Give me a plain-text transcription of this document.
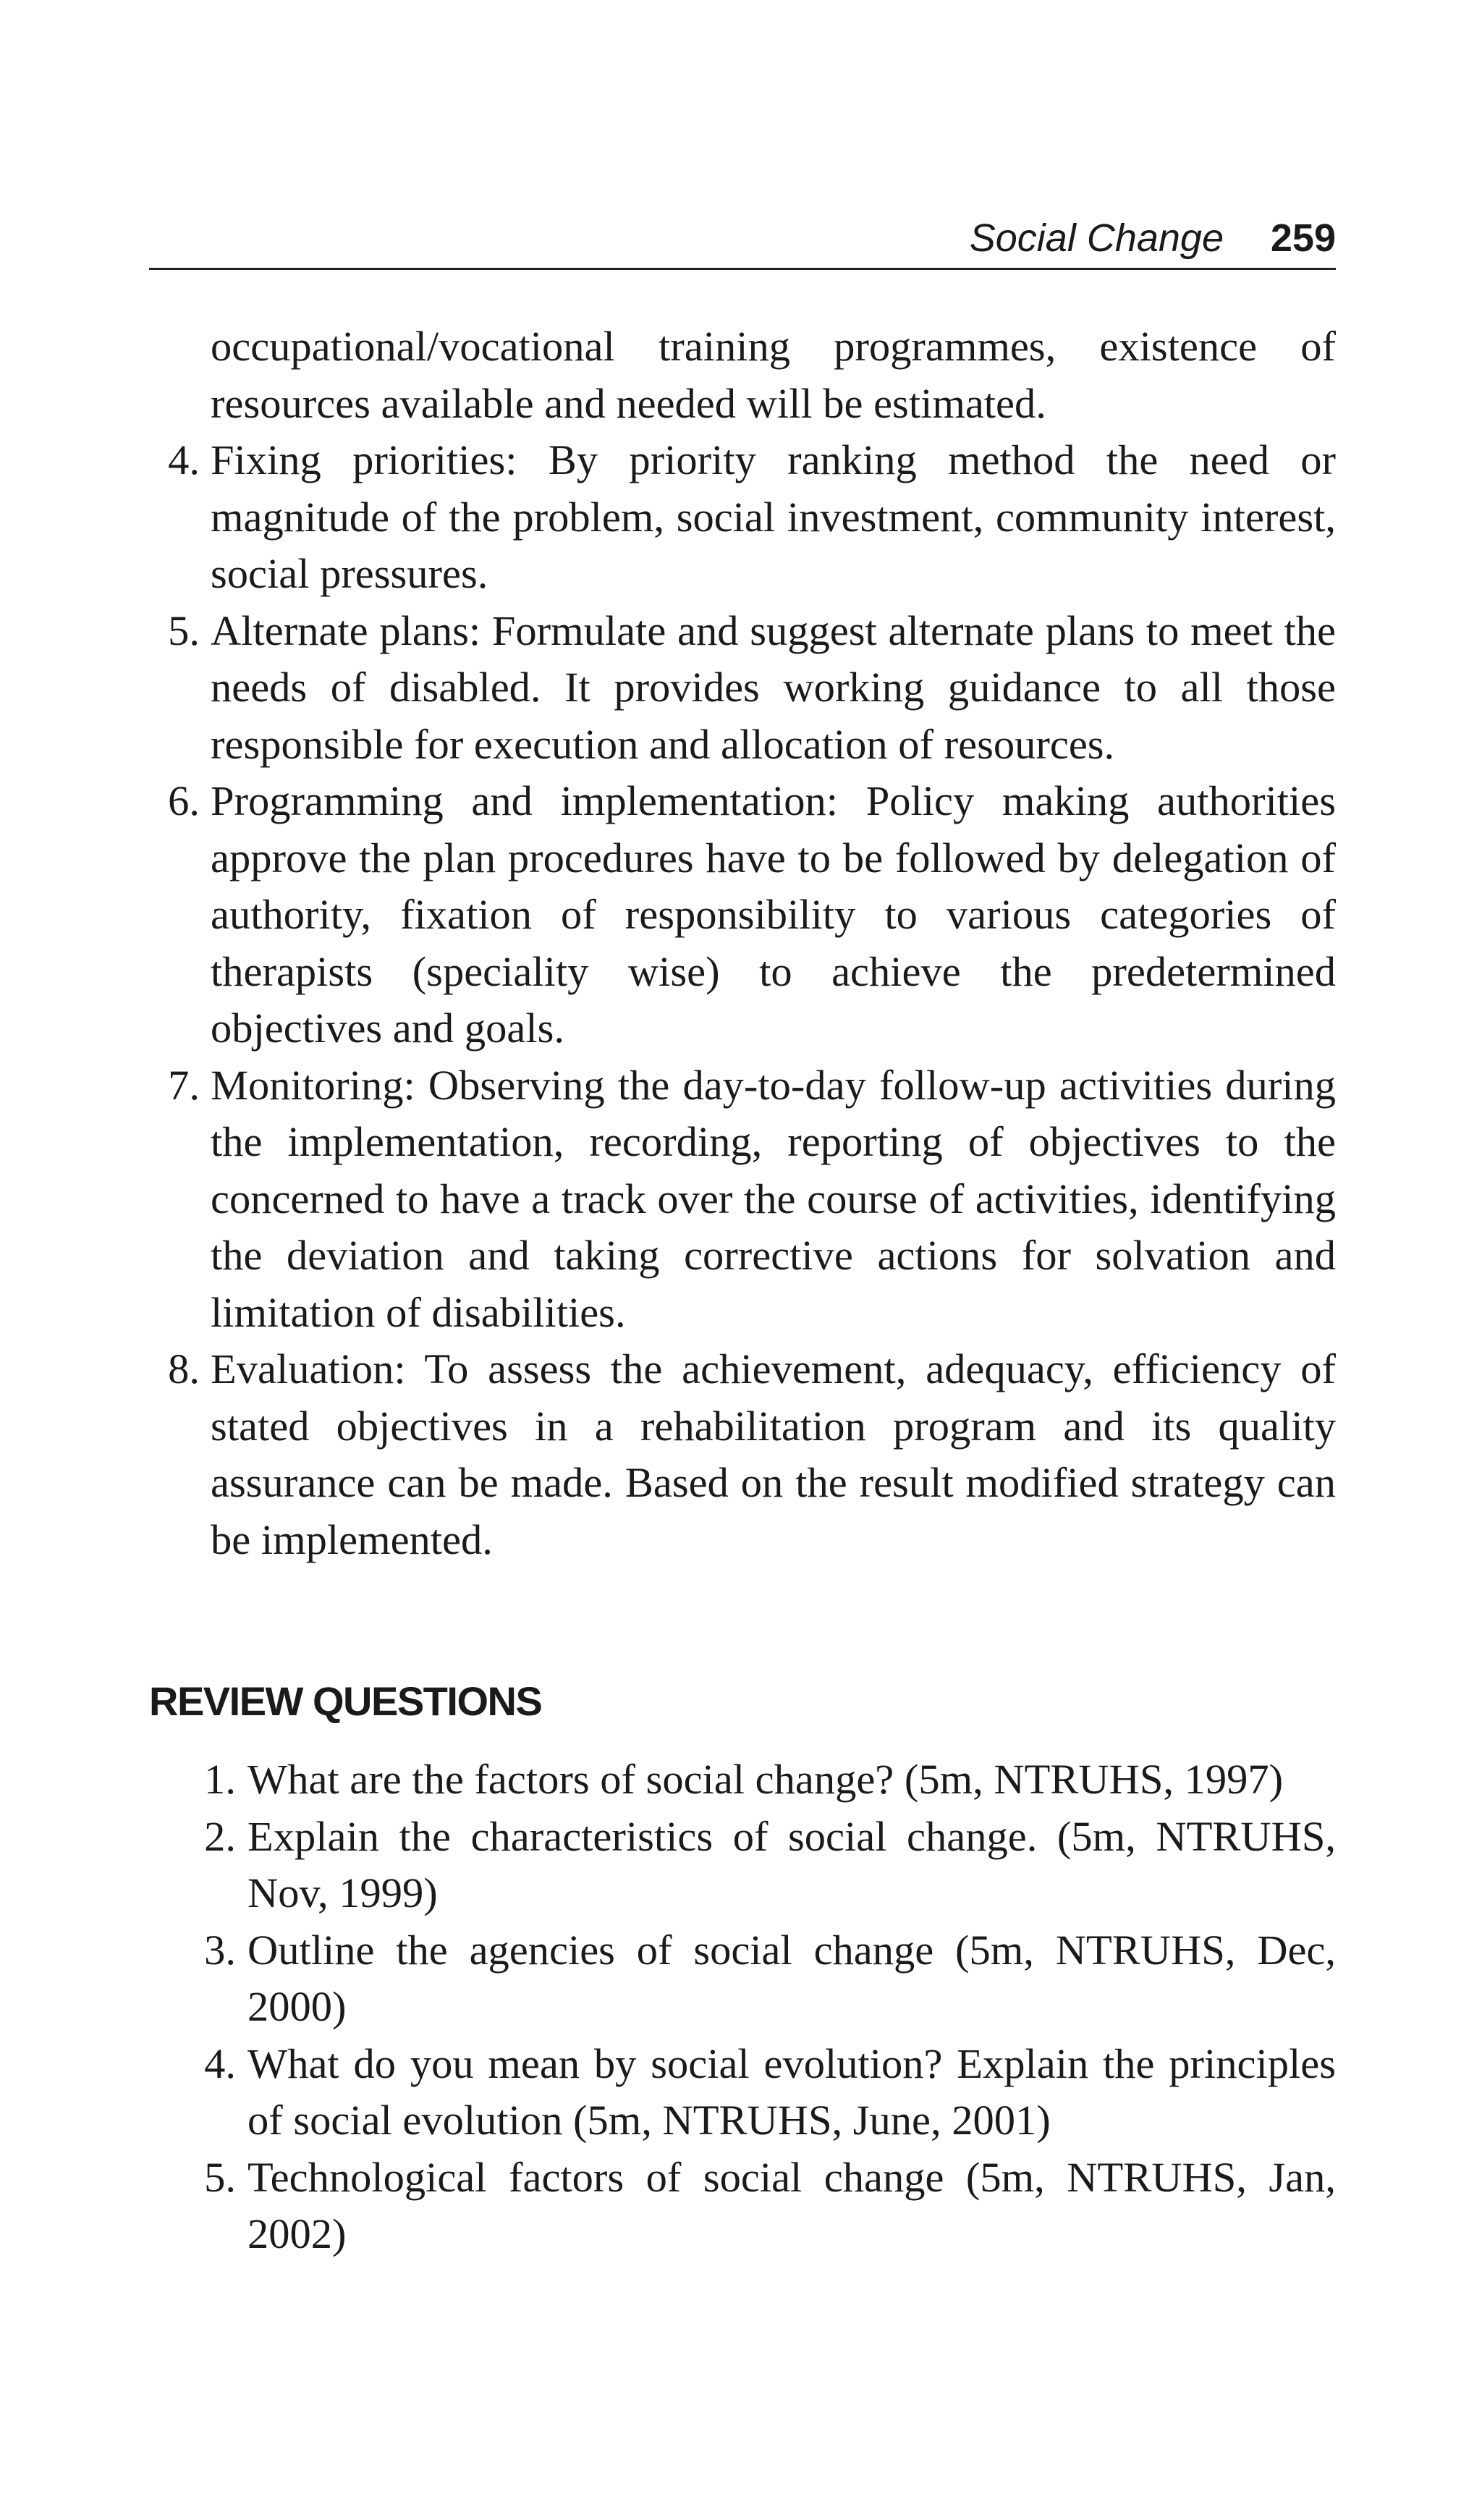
Social Change 259

occupational/vocational training programmes, existence of resources available and needed will be estimated.

4. Fixing priorities: By priority ranking method the need or magnitude of the problem, social investment, community interest, social pressures.
5. Alternate plans: Formulate and suggest alternate plans to meet the needs of disabled. It provides working guidance to all those responsible for execution and allocation of resources.
6. Programming and implementation: Policy making authorities approve the plan procedures have to be followed by delegation of authority, fixation of responsibility to various categories of therapists (speciality wise) to achieve the predetermined objectives and goals.
7. Monitoring: Observing the day-to-day follow-up activities during the implementation, recording, reporting of objectives to the concerned to have a track over the course of activities, identifying the deviation and taking corrective actions for solvation and limitation of disabilities.
8. Evaluation: To assess the achievement, adequacy, efficiency of stated objectives in a rehabilitation program and its quality assurance can be made. Based on the result modified strategy can be implemented.
REVIEW QUESTIONS
1. What are the factors of social change? (5m, NTRUHS, 1997)
2. Explain the characteristics of social change. (5m, NTRUHS, Nov, 1999)
3. Outline the agencies of social change (5m, NTRUHS, Dec, 2000)
4. What do you mean by social evolution? Explain the principles of social evolution (5m, NTRUHS, June, 2001)
5. Technological factors of social change (5m, NTRUHS, Jan, 2002)
